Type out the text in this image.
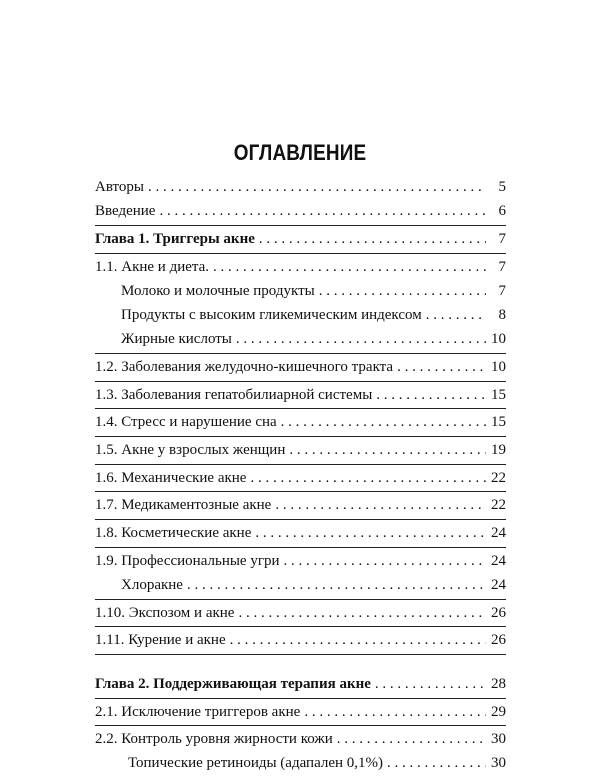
ОГЛАВЛЕНИЕ
Авторы . . .	5
Введение . . .	6
Глава 1. Триггеры акне . . .	7
1.1. Акне и диета. . . .	7
Молоко и молочные продукты . . .	7
Продукты с высоким гликемическим индексом . . .	8
Жирные кислоты . . .	10
1.2. Заболевания желудочно-кишечного тракта . . .	10
1.3. Заболевания гепатобилиарной системы . . .	15
1.4. Стресс и нарушение сна . . .	15
1.5. Акне у взрослых женщин . . .	19
1.6. Механические акне . . .	22
1.7. Медикаментозные акне . . .	22
1.8. Косметические акне . . .	24
1.9. Профессиональные угри . . .	24
Хлоракне . . .	24
1.10. Экспозом и акне . . .	26
1.11. Курение и акне . . .	26
Глава 2. Поддерживающая терапия акне . . .	28
2.1. Исключение триггеров акне . . .	29
2.2. Контроль уровня жирности кожи . . .	30
Топические ретиноиды (адапален 0,1%) . . .	30
